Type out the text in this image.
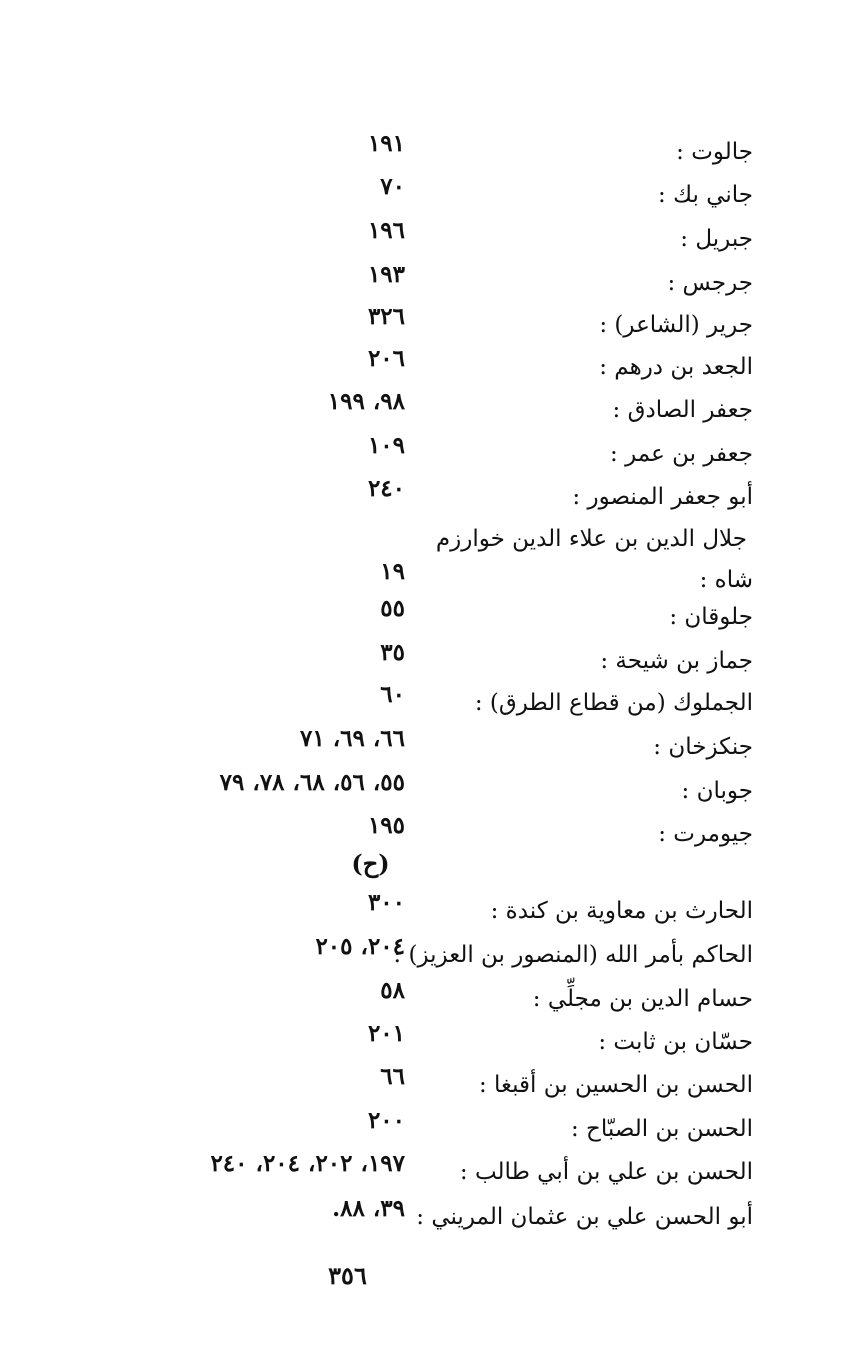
جالوت :
١٩١
جاني بك :
٧٠
جبريل :
١٩٦
جرجس :
١٩٣
جرير (الشاعر) :
٣٢٦
الجعد بن درهم :
٢٠٦
جعفر الصادق :
٩٨، ١٩٩
جعفر بن عمر :
١٠٩
أبو جعفر المنصور :
٢٤٠
جلال الدين بن علاء الدين خوارزم
شاه :
١٩
جلوقان :
٥٥
جماز بن شيحة :
٣٥
الجملوك (من قطاع الطرق) :
٦٠
جنكزخان :
٦٦، ٦٩، ٧١
جوبان :
٥٥، ٥٦، ٦٨، ٧٨، ٧٩
جيومرت :
١٩٥
(ح)
الحارث بن معاوية بن كندة :
٣٠٠
الحاكم بأمر الله (المنصور بن العزيز) :
٢٠٤، ٢٠٥
حسام الدين بن مجلِّي :
٥٨
حسّان بن ثابت :
٢٠١
الحسن بن الحسين بن أقبغا :
٦٦
الحسن بن الصبّاح :
٢٠٠
الحسن بن علي بن أبي طالب :
١٩٧، ٢٠٢، ٢٠٤، ٢٤٠
أبو الحسن علي بن عثمان المريني :
٣٩، ٨٨.
٣٥٦
